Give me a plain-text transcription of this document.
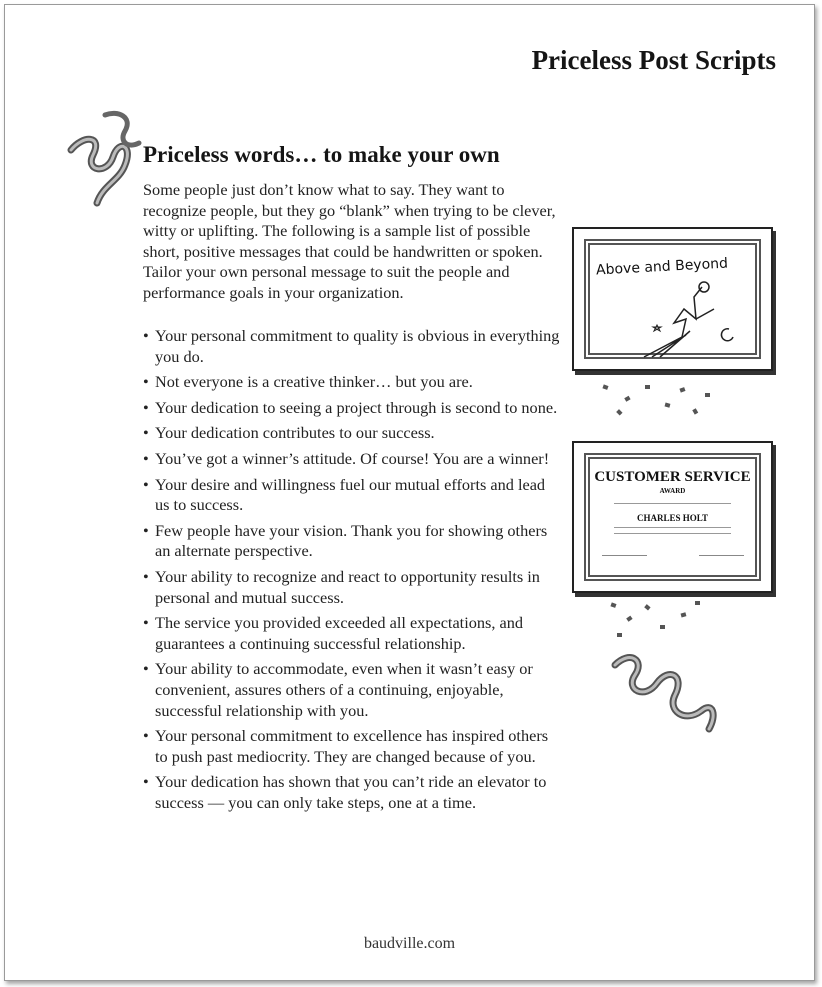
Priceless Post Scripts
Priceless words… to make your own

Some people just don’t know what to say. They want to recognize people, but they go “blank” when trying to be clever, witty or uplifting. The following is a sample list of possible short, positive messages that could be handwritten or spoken. Tailor your own personal message to suit the people and performance goals in your organization.

• Your personal commitment to quality is obvious in everything you do.
• Not everyone is a creative thinker… but you are.
• Your dedication to seeing a project through is second to none.
• Your dedication contributes to our success.
• You’ve got a winner’s attitude. Of course! You are a winner!
• Your desire and willingness fuel our mutual efforts and lead us to success.
• Few people have your vision. Thank you for showing others an alternate perspective.
• Your ability to recognize and react to opportunity results in personal and mutual success.
• The service you provided exceeded all expectations, and guarantees a continuing successful relationship.
• Your ability to accommodate, even when it wasn’t easy or convenient, assures others of a continuing, enjoyable, successful relationship with you.
• Your personal commitment to excellence has inspired others to push past mediocrity. They are changed because of you.
• Your dedication has shown that you can’t ride an elevator to success — you can only take steps, one at a time.
Above and Beyond
CUSTOMER SERVICE
AWARD
CHARLES HOLT
baudville.com
